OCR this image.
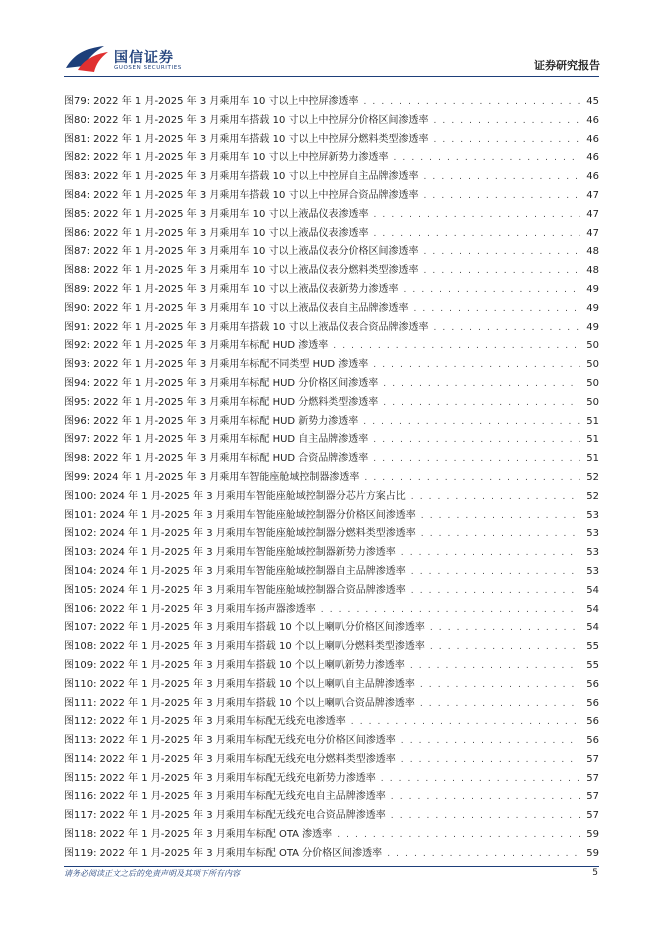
国信证券
GUOSEN SECURITIES	证券研究报告
图79: 2022 年 1 月-2025 年 3 月乘用车 10 寸以上中控屏渗透率 . . .	45
图80: 2022 年 1 月-2025 年 3 月乘用车搭载 10 寸以上中控屏分价格区间渗透率 . . .	46
图81: 2022 年 1 月-2025 年 3 月乘用车搭载 10 寸以上中控屏分燃料类型渗透率 . . .	46
图82: 2022 年 1 月-2025 年 3 月乘用车 10 寸以上中控屏新势力渗透率 . . .	46
图83: 2022 年 1 月-2025 年 3 月乘用车搭载 10 寸以上中控屏自主品牌渗透率 . . .	46
图84: 2022 年 1 月-2025 年 3 月乘用车搭载 10 寸以上中控屏合资品牌渗透率 . . .	47
图85: 2022 年 1 月-2025 年 3 月乘用车 10 寸以上液晶仪表渗透率 . . .	47
图86: 2022 年 1 月-2025 年 3 月乘用车 10 寸以上液晶仪表渗透率 . . .	47
图87: 2022 年 1 月-2025 年 3 月乘用车 10 寸以上液晶仪表分价格区间渗透率 . . .	48
图88: 2022 年 1 月-2025 年 3 月乘用车 10 寸以上液晶仪表分燃料类型渗透率 . . .	48
图89: 2022 年 1 月-2025 年 3 月乘用车 10 寸以上液晶仪表新势力渗透率 . . .	49
图90: 2022 年 1 月-2025 年 3 月乘用车 10 寸以上液晶仪表自主品牌渗透率 . . .	49
图91: 2022 年 1 月-2025 年 3 月乘用车搭载 10 寸以上液晶仪表合资品牌渗透率 . . .	49
图92: 2022 年 1 月-2025 年 3 月乘用车标配 HUD 渗透率 . . .	50
图93: 2022 年 1 月-2025 年 3 月乘用车标配不同类型 HUD 渗透率 . . .	50
图94: 2022 年 1 月-2025 年 3 月乘用车标配 HUD 分价格区间渗透率 . . .	50
图95: 2022 年 1 月-2025 年 3 月乘用车标配 HUD 分燃料类型渗透率 . . .	50
图96: 2022 年 1 月-2025 年 3 月乘用车标配 HUD 新势力渗透率 . . .	51
图97: 2022 年 1 月-2025 年 3 月乘用车标配 HUD 自主品牌渗透率 . . .	51
图98: 2022 年 1 月-2025 年 3 月乘用车标配 HUD 合资品牌渗透率 . . .	51
图99: 2024 年 1 月-2025 年 3 月乘用车智能座舱域控制器渗透率 . . .	52
图100: 2024 年 1 月-2025 年 3 月乘用车智能座舱域控制器分芯片方案占比 . . .	52
图101: 2024 年 1 月-2025 年 3 月乘用车智能座舱域控制器分价格区间渗透率 . . .	53
图102: 2024 年 1 月-2025 年 3 月乘用车智能座舱域控制器分燃料类型渗透率 . . .	53
图103: 2024 年 1 月-2025 年 3 月乘用车智能座舱域控制器新势力渗透率 . . .	53
图104: 2024 年 1 月-2025 年 3 月乘用车智能座舱域控制器自主品牌渗透率 . . .	53
图105: 2024 年 1 月-2025 年 3 月乘用车智能座舱域控制器合资品牌渗透率 . . .	54
图106: 2022 年 1 月-2025 年 3 月乘用车扬声器渗透率 . . .	54
图107: 2022 年 1 月-2025 年 3 月乘用车搭载 10 个以上喇叭分价格区间渗透率 . . .	54
图108: 2022 年 1 月-2025 年 3 月乘用车搭载 10 个以上喇叭分燃料类型渗透率 . . .	55
图109: 2022 年 1 月-2025 年 3 月乘用车搭载 10 个以上喇叭新势力渗透率 . . .	55
图110: 2022 年 1 月-2025 年 3 月乘用车搭载 10 个以上喇叭自主品牌渗透率 . . .	56
图111: 2022 年 1 月-2025 年 3 月乘用车搭载 10 个以上喇叭合资品牌渗透率 . . .	56
图112: 2022 年 1 月-2025 年 3 月乘用车标配无线充电渗透率 . . .	56
图113: 2022 年 1 月-2025 年 3 月乘用车标配无线充电分价格区间渗透率 . . .	56
图114: 2022 年 1 月-2025 年 3 月乘用车标配无线充电分燃料类型渗透率 . . .	57
图115: 2022 年 1 月-2025 年 3 月乘用车标配无线充电新势力渗透率 . . .	57
图116: 2022 年 1 月-2025 年 3 月乘用车标配无线充电自主品牌渗透率 . . .	57
图117: 2022 年 1 月-2025 年 3 月乘用车标配无线充电合资品牌渗透率 . . .	57
图118: 2022 年 1 月-2025 年 3 月乘用车标配 OTA 渗透率 . . .	59
图119: 2022 年 1 月-2025 年 3 月乘用车标配 OTA 分价格区间渗透率 . . .	59
请务必阅读正文之后的免责声明及其项下所有内容	5
